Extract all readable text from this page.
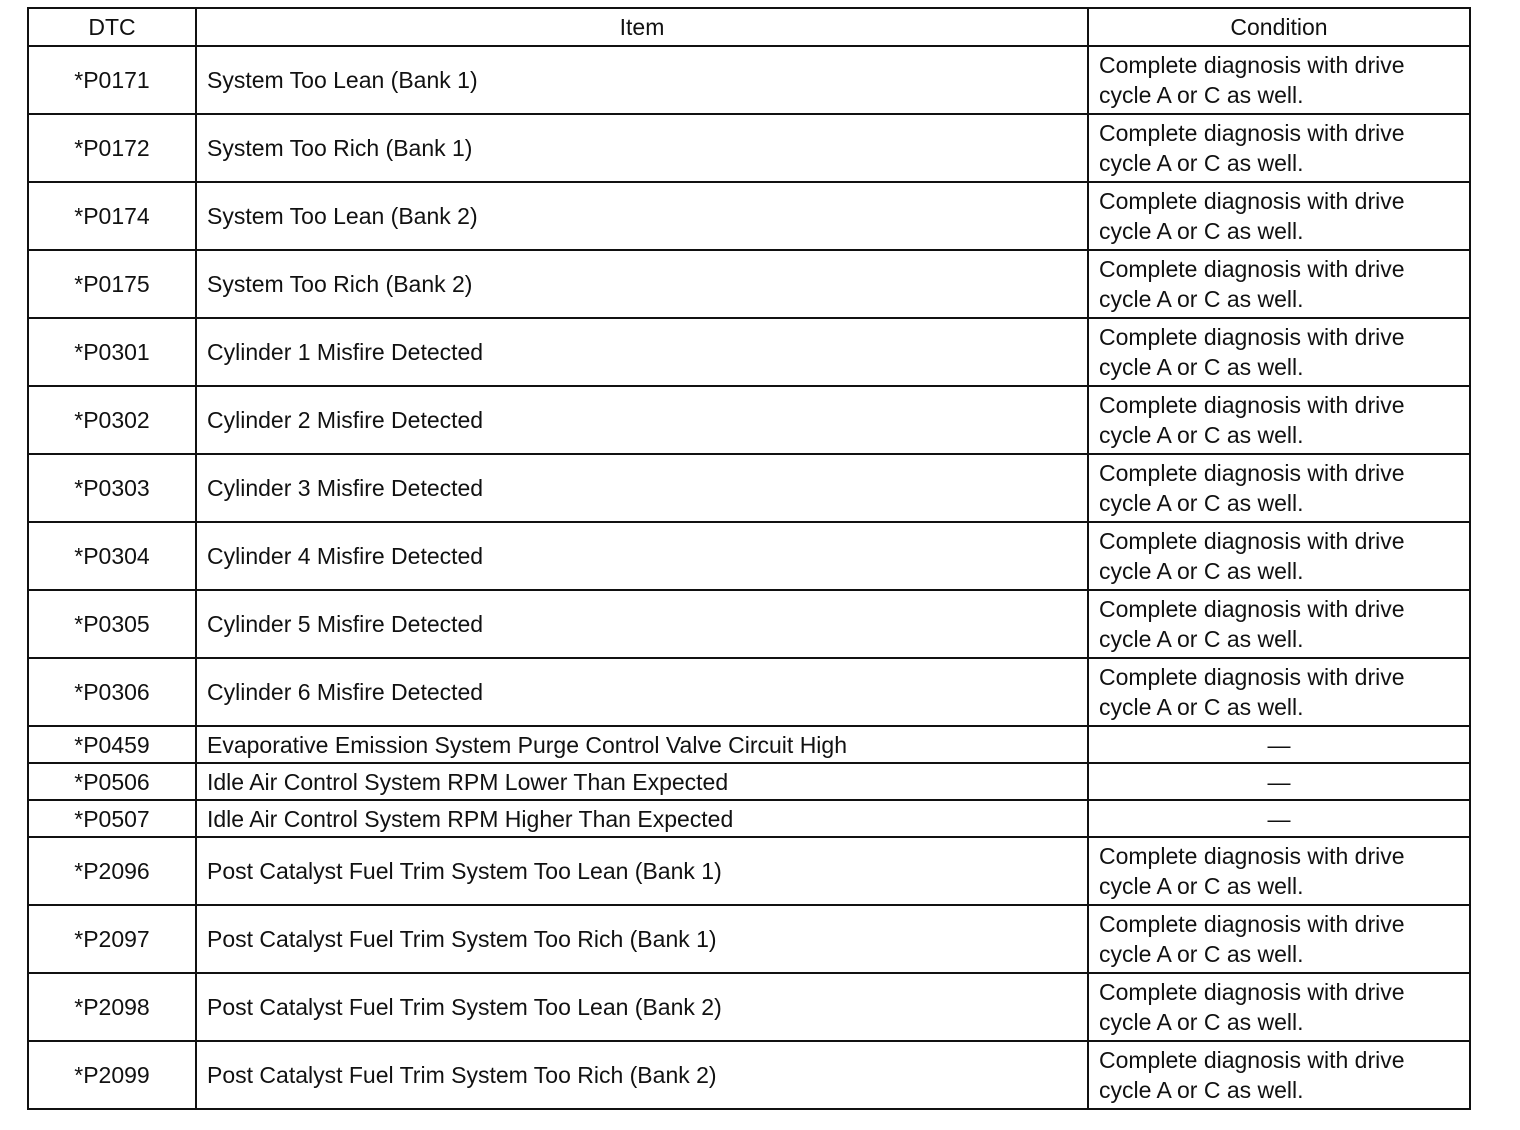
DTC	Item	Condition
*P0171	System Too Lean (Bank 1)	Complete diagnosis with drive
cycle A or C as well.
*P0172	System Too Rich (Bank 1)	Complete diagnosis with drive
cycle A or C as well.
*P0174	System Too Lean (Bank 2)	Complete diagnosis with drive
cycle A or C as well.
*P0175	System Too Rich (Bank 2)	Complete diagnosis with drive
cycle A or C as well.
*P0301	Cylinder 1 Misfire Detected	Complete diagnosis with drive
cycle A or C as well.
*P0302	Cylinder 2 Misfire Detected	Complete diagnosis with drive
cycle A or C as well.
*P0303	Cylinder 3 Misfire Detected	Complete diagnosis with drive
cycle A or C as well.
*P0304	Cylinder 4 Misfire Detected	Complete diagnosis with drive
cycle A or C as well.
*P0305	Cylinder 5 Misfire Detected	Complete diagnosis with drive
cycle A or C as well.
*P0306	Cylinder 6 Misfire Detected	Complete diagnosis with drive
cycle A or C as well.
*P0459	Evaporative Emission System Purge Control Valve Circuit High	—
*P0506	Idle Air Control System RPM Lower Than Expected	—
*P0507	Idle Air Control System RPM Higher Than Expected	—
*P2096	Post Catalyst Fuel Trim System Too Lean (Bank 1)	Complete diagnosis with drive
cycle A or C as well.
*P2097	Post Catalyst Fuel Trim System Too Rich (Bank 1)	Complete diagnosis with drive
cycle A or C as well.
*P2098	Post Catalyst Fuel Trim System Too Lean (Bank 2)	Complete diagnosis with drive
cycle A or C as well.
*P2099	Post Catalyst Fuel Trim System Too Rich (Bank 2)	Complete diagnosis with drive
cycle A or C as well.
